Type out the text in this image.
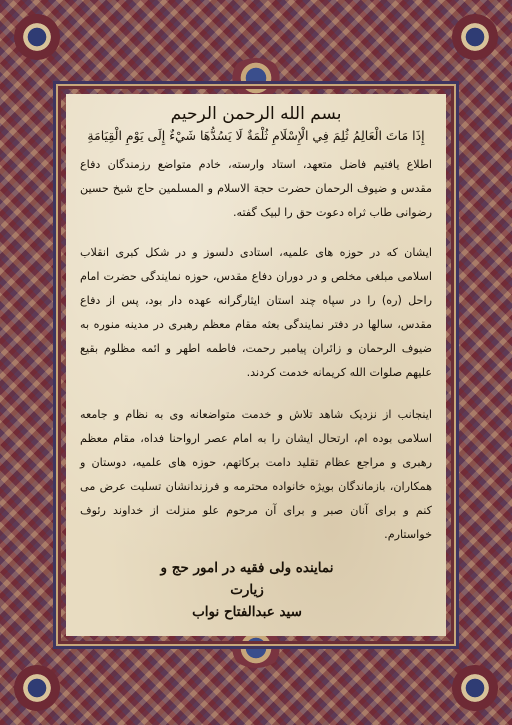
بسم الله الرحمن الرحيم
إِذَا مَاتَ الْعَالِمُ ثُلِمَ فِي الْإِسْلَامِ ثُلْمَةٌ لَا يَسُدُّهَا شَيْءٌ إِلَى يَوْمِ الْقِيَامَةِ

اطلاع یافتیم فاضل متعهد، استاد وارسته، خادم متواضع رزمندگان دفاع مقدس و ضیوف الرحمان حضرت حجة الاسلام و المسلمین حاج شیخ حسین رضوانی طاب ثراه دعوت حق را لبیک گفته.

ایشان که در حوزه های علمیه، استادی دلسوز و در شکل کبری انقلاب اسلامی مبلغی مخلص و در دوران دفاع مقدس، حوزه نمایندگی حضرت امام راحل (ره) را در سپاه چند استان ایثارگرانه عهده دار بود، پس از دفاع مقدس، سالها در دفتر نمایندگی بعثه مقام معظم رهبری در مدینه منوره به ضیوف الرحمان و زائران پیامبر رحمت، فاطمه اطهر و ائمه مظلوم بقیع علیهم صلوات الله کریمانه خدمت کردند.

اینجانب از نزدیک شاهد تلاش و خدمت متواضعانه وی به نظام و جامعه اسلامی بوده ام، ارتحال ایشان را به امام عصر ارواحنا فداه، مقام معظم رهبری و مراجع عظام تقلید دامت برکاتهم، حوزه های علمیه، دوستان و همکاران، بازماندگان بویژه خانواده محترمه و فرزندانشان تسلیت عرض می کنم و برای آنان صبر و برای آن مرحوم علو منزلت از خداوند رئوف خواستارم.

نماینده ولی فقیه در امور حج و زیارت
سید عبدالفتاح نواب
